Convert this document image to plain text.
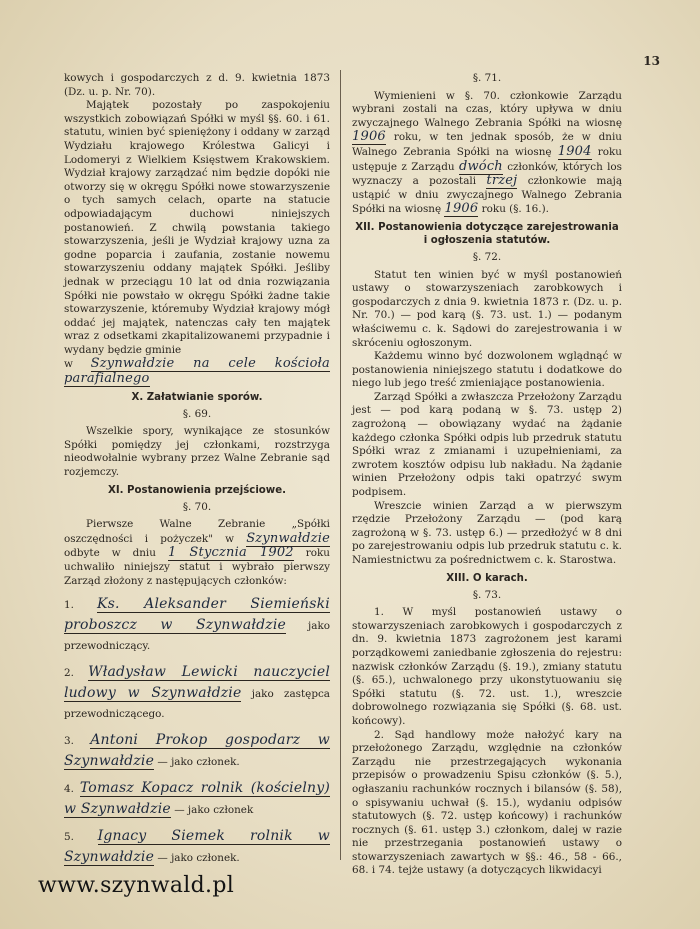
13

kowych i gospodarczych z d. 9. kwietnia 1873 (Dz. u. p. Nr. 70).

Majątek pozostały po zaspokojeniu wszystkich zobowiązań Spółki w myśl §§. 60. i 61. statutu, winien być spieniężony i oddany w zarząd Wydziału krajowego Królestwa Galicyi i Lodomeryi z Wielkiem Księstwem Krakowskiem. Wydział krajowy zarządzać nim będzie dopóki nie otworzy się w okręgu Spółki nowe stowarzyszenie o tych samych celach, oparte na statucie odpowiadającym duchowi niniejszych postanowień. Z chwilą powstania takiego stowarzyszenia, jeśli je Wydział krajowy uzna za godne poparcia i zaufania, zostanie nowemu stowarzyszeniu oddany majątek Spółki. Jeśliby jednak w przeciągu 10 lat od dnia rozwiązania Spółki nie powstało w okręgu Spółki żadne takie stowarzyszenie, któremuby Wydział krajowy mógł oddać jej majątek, natenczas cały ten majątek wraz z odsetkami zkapitalizowanemi przypadnie i wydany będzie gminie

w Szynwałdzie na cele kościoła parafialnego

X. Załatwianie sporów.

§. 69.

Wszelkie spory, wynikające ze stosunków Spółki pomiędzy jej członkami, rozstrzyga nieodwołalnie wybrany przez Walne Zebranie sąd rozjemczy.

XI. Postanowienia przejściowe.

§. 70.

Pierwsze Walne Zebranie „Spółki oszczędności i pożyczek" w Szynwałdzie odbyte w dniu 1 Stycznia 1902 roku uchwaliło niniejszy statut i wybrało pierwszy Zarząd złożony z następujących członków:

1. Ks. Aleksander Siemieński proboszcz w Szynwałdzie jako przewodniczący.

2. Władysław Lewicki nauczyciel ludowy w Szynwałdzie jako zastępca przewodniczącego.

3. Antoni Prokop gospodarz w Szynwałdzie — jako członek.

4. Tomasz Kopacz rolnik (kościelny) w Szynwałdzie — jako członek

5. Ignacy Siemek rolnik w Szynwałdzie — jako członek.

§. 71.

Wymienieni w §. 70. członkowie Zarządu wybrani zostali na czas, który upływa w dniu zwyczajnego Walnego Zebrania Spółki na wiosnę 1906 roku, w ten jednak sposób, że w dniu Walnego Zebrania Spółki na wiosnę 1904 roku ustępuje z Zarządu dwóch członków, których los wyznaczy a pozostali trzej członkowie mają ustąpić w dniu zwyczajnego Walnego Zebrania Spółki na wiosnę 1906 roku (§. 16.).

XII. Postanowienia dotyczące zarejestrowania i ogłoszenia statutów.

§. 72.

Statut ten winien być w myśl postanowień ustawy o stowarzyszeniach zarobkowych i gospodarczych z dnia 9. kwietnia 1873 r. (Dz. u. p. Nr. 70.) — pod karą (§. 73. ust. 1.) — podanym właściwemu c. k. Sądowi do zarejestrowania i w skróceniu ogłoszonym.

Każdemu winno być dozwolonem wglądnąć w postanowienia niniejszego statutu i dodatkowe do niego lub jego treść zmieniające postanowienia.

Zarząd Spółki a zwłaszcza Przełożony Zarządu jest — pod karą podaną w §. 73. ustęp 2) zagrożoną — obowiązany wydać na żądanie każdego członka Spółki odpis lub przedruk statutu Spółki wraz z zmianami i uzupełnieniami, za zwrotem kosztów odpisu lub nakładu. Na żądanie winien Przełożony odpis taki opatrzyć swym podpisem.

Wreszcie winien Zarząd a w pierwszym rzędzie Przełożony Zarządu — (pod karą zagrożoną w §. 73. ustęp 6.) — przedłożyć w 8 dni po zarejestrowaniu odpis lub przedruk statutu c. k. Namiestnictwu za pośrednictwem c. k. Starostwa.

XIII. O karach.

§. 73.

1. W myśl postanowień ustawy o stowarzyszeniach zarobkowych i gospodarczych z dn. 9. kwietnia 1873 zagrożonem jest karami porządkowemi zaniedbanie zgłoszenia do rejestru: nazwisk członków Zarządu (§. 19.), zmiany statutu (§. 65.), uchwalonego przy ukonstytuowaniu się Spółki statutu (§. 72. ust. 1.), wreszcie dobrowolnego rozwiązania się Spółki (§. 68. ust. końcowy).

2. Sąd handlowy może nałożyć kary na przełożonego Zarządu, względnie na członków Zarządu nie przestrzegających wykonania przepisów o prowadzeniu Spisu członków (§. 5.), ogłaszaniu rachunków rocznych i bilansów (§. 58), o spisywaniu uchwał (§. 15.), wydaniu odpisów statutowych (§. 72. ustęp końcowy) i rachunków rocznych (§. 61. ustęp 3.) członkom, dalej w razie nie przestrzegania postanowień ustawy o stowarzyszeniach zawartych w §§.: 46., 58 - 66., 68. i 74. tejże ustawy (a dotyczących likwidacyi

www.szynwald.pl
